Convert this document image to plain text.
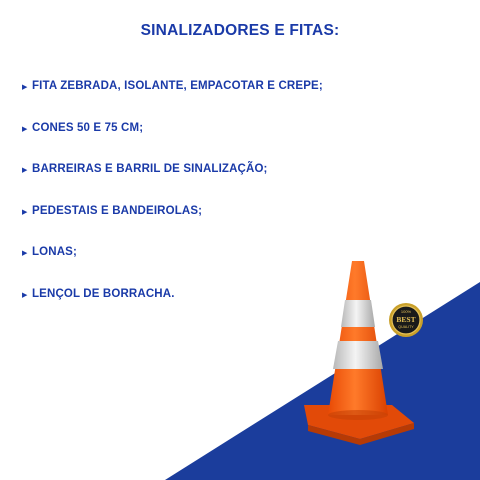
SINALIZADORES E FITAS:
▶ FITA ZEBRADA, ISOLANTE, EMPACOTAR E CREPE;
▶ CONES 50 E 75 CM;
▶ BARREIRAS E BARRIL DE SINALIZAÇÃO;
▶ PEDESTAIS E BANDEIROLAS;
▶ LONAS;
▶ LENÇOL DE BORRACHA.
100%
BEST
QUALITY
